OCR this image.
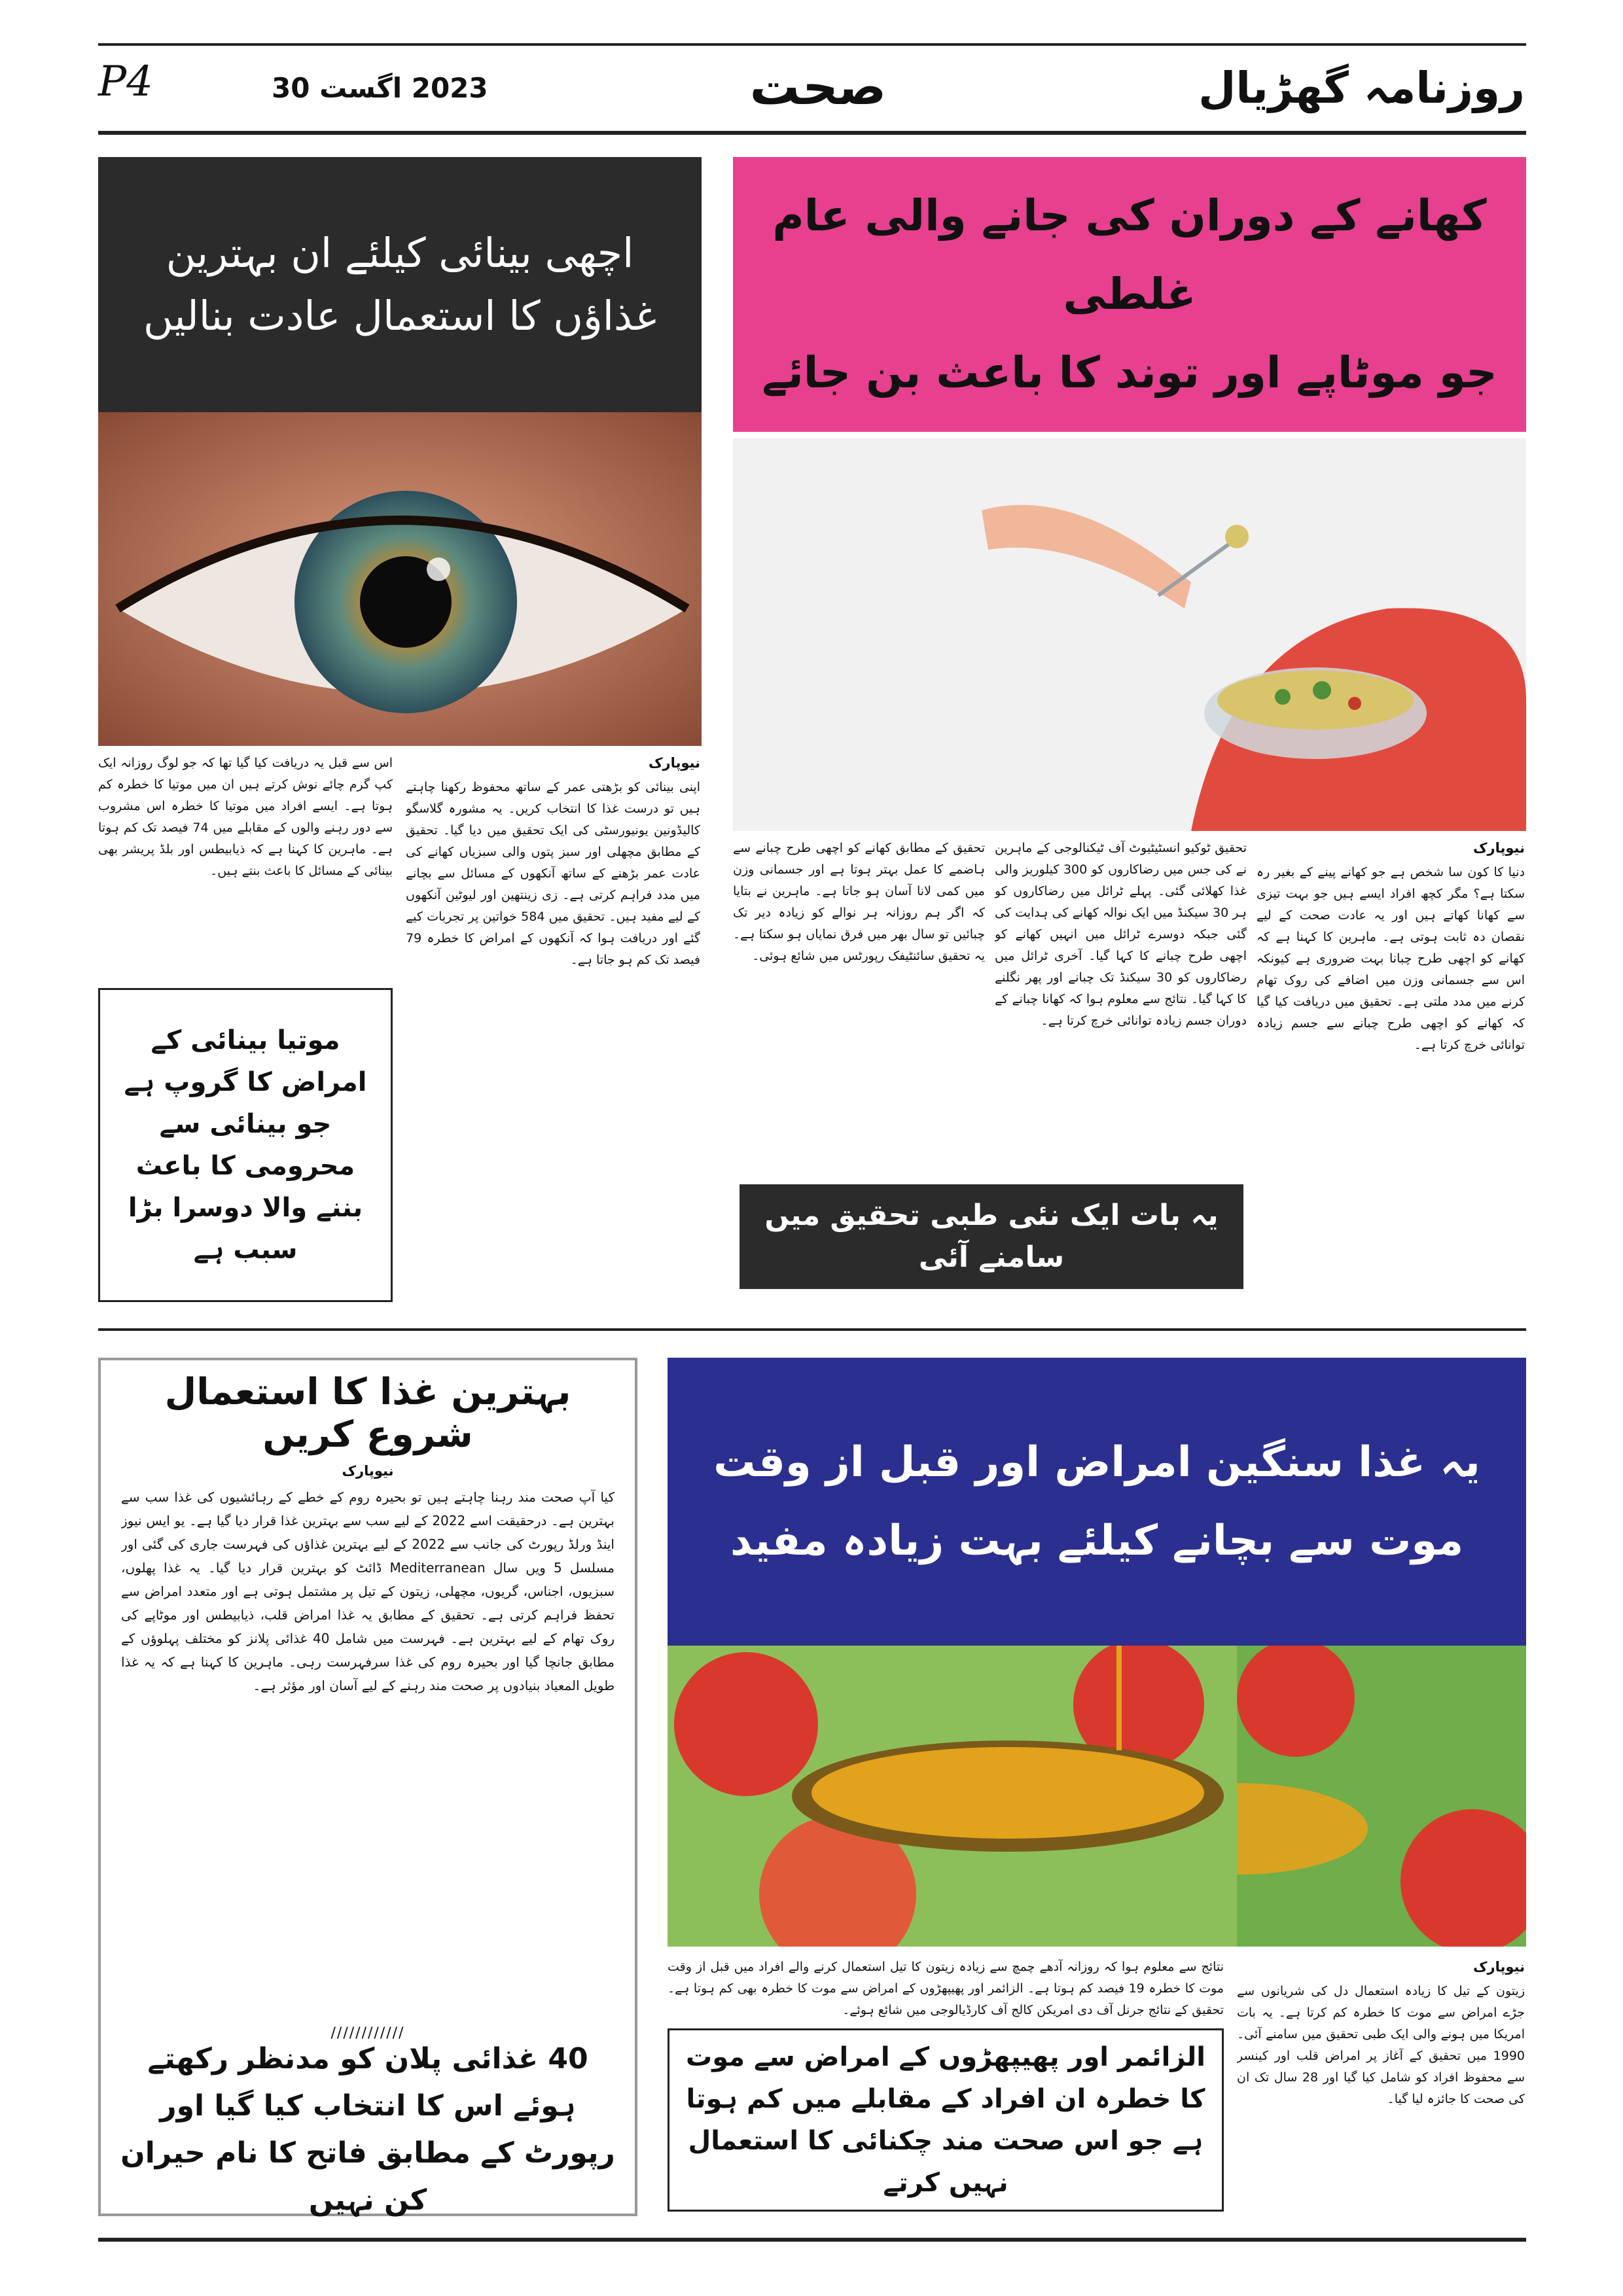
P4	2023 اگست 30	صحت	روزنامہ گھڑیال
اچھی بینائی کیلئے ان بہترین
غذاؤں کا استعمال عادت بنالیں
نیوپارک
اپنی بینائی کو بڑھتی عمر کے ساتھ محفوظ رکھنا چاہتے ہیں تو درست غذا کا انتخاب کریں۔ یہ مشورہ گلاسگو کالیڈونین یونیورسٹی کی ایک تحقیق میں دیا گیا۔ تحقیق کے مطابق مچھلی اور سبز پتوں والی سبزیاں کھانے کی عادت عمر بڑھنے کے ساتھ آنکھوں کے مسائل سے بچانے میں مدد فراہم کرتی ہے۔ زی زینتھین اور لیوٹین آنکھوں کے لیے مفید ہیں۔ تحقیق میں 584 خواتین پر تجربات کیے گئے اور دریافت ہوا کہ آنکھوں کے امراض کا خطرہ 79 فیصد تک کم ہو جاتا ہے۔
اس سے قبل یہ دریافت کیا گیا تھا کہ جو لوگ روزانہ ایک کپ گرم چائے نوش کرتے ہیں ان میں موتیا کا خطرہ کم ہوتا ہے۔ ایسے افراد میں موتیا کا خطرہ اس مشروب سے دور رہنے والوں کے مقابلے میں 74 فیصد تک کم ہوتا ہے۔ ماہرین کا کہنا ہے کہ ذیابیطس اور بلڈ پریشر بھی بینائی کے مسائل کا باعث بنتے ہیں۔
موتیا بینائی کے امراض کا گروپ ہے جو بینائی سے محرومی کا باعث بننے والا دوسرا بڑا سبب ہے
کھانے کے دوران کی جانے والی عام غلطی
جو موٹاپے اور توند کا باعث بن جائے
نیوپارک
دنیا کا کون سا شخص ہے جو کھانے پینے کے بغیر رہ سکتا ہے؟ مگر کچھ افراد ایسے ہیں جو بہت تیزی سے کھانا کھاتے ہیں اور یہ عادت صحت کے لیے نقصان دہ ثابت ہوتی ہے۔ ماہرین کا کہنا ہے کہ کھانے کو اچھی طرح چبانا بہت ضروری ہے کیونکہ اس سے جسمانی وزن میں اضافے کی روک تھام کرنے میں مدد ملتی ہے۔ تحقیق میں دریافت کیا گیا کہ کھانے کو اچھی طرح چبانے سے جسم زیادہ توانائی خرچ کرتا ہے۔
تحقیق ٹوکیو انسٹیٹیوٹ آف ٹیکنالوجی کے ماہرین نے کی جس میں رضاکاروں کو 300 کیلوریز والی غذا کھلائی گئی۔ پہلے ٹرائل میں رضاکاروں کو ہر 30 سیکنڈ میں ایک نوالہ کھانے کی ہدایت کی گئی جبکہ دوسرے ٹرائل میں انہیں کھانے کو اچھی طرح چبانے کا کہا گیا۔ آخری ٹرائل میں رضاکاروں کو 30 سیکنڈ تک چبانے اور پھر نگلنے کا کہا گیا۔ نتائج سے معلوم ہوا کہ کھانا چبانے کے دوران جسم زیادہ توانائی خرچ کرتا ہے۔
تحقیق کے مطابق کھانے کو اچھی طرح چبانے سے ہاضمے کا عمل بہتر ہوتا ہے اور جسمانی وزن میں کمی لانا آسان ہو جاتا ہے۔ ماہرین نے بتایا کہ اگر ہم روزانہ ہر نوالے کو زیادہ دیر تک چبائیں تو سال بھر میں فرق نمایاں ہو سکتا ہے۔ یہ تحقیق سائنٹیفک رپورٹس میں شائع ہوئی۔
یہ بات ایک نئی طبی تحقیق میں سامنے آئی
بہترین غذا کا استعمال شروع کریں
نیوپارک
کیا آپ صحت مند رہنا چاہتے ہیں تو بحیرہ روم کے خطے کے رہائشیوں کی غذا سب سے بہترین ہے۔ درحقیقت اسے 2022 کے لیے سب سے بہترین غذا قرار دیا گیا ہے۔ یو ایس نیوز اینڈ ورلڈ رپورٹ کی جانب سے 2022 کے لیے بہترین غذاؤں کی فہرست جاری کی گئی اور مسلسل 5 ویں سال Mediterranean ڈائٹ کو بہترین قرار دیا گیا۔ یہ غذا پھلوں، سبزیوں، اجناس، گریوں، مچھلی، زیتون کے تیل پر مشتمل ہوتی ہے اور متعدد امراض سے تحفظ فراہم کرتی ہے۔ تحقیق کے مطابق یہ غذا امراض قلب، ذیابیطس اور موٹاپے کی روک تھام کے لیے بہترین ہے۔ فہرست میں شامل 40 غذائی پلانز کو مختلف پہلوؤں کے مطابق جانچا گیا اور بحیرہ روم کی غذا سرفہرست رہی۔ ماہرین کا کہنا ہے کہ یہ غذا طویل المعیاد بنیادوں پر صحت مند رہنے کے لیے آسان اور مؤثر ہے۔
////////////
40 غذائی پلان کو مدنظر رکھتے ہوئے اس کا انتخاب کیا گیا اور رپورٹ کے مطابق فاتح کا نام حیران کن نہیں
یہ غذا سنگین امراض اور قبل از وقت
موت سے بچانے کیلئے بہت زیادہ مفید
نیوپارک
زیتون کے تیل کا زیادہ استعمال دل کی شریانوں سے جڑے امراض سے موت کا خطرہ کم کرتا ہے۔ یہ بات امریکا میں ہونے والی ایک طبی تحقیق میں سامنے آئی۔ 1990 میں تحقیق کے آغاز پر امراض قلب اور کینسر سے محفوظ افراد کو شامل کیا گیا اور 28 سال تک ان کی صحت کا جائزہ لیا گیا۔
نتائج سے معلوم ہوا کہ روزانہ آدھے چمچ سے زیادہ زیتون کا تیل استعمال کرنے والے افراد میں قبل از وقت موت کا خطرہ 19 فیصد کم ہوتا ہے۔ الزائمر اور پھیپھڑوں کے امراض سے موت کا خطرہ بھی کم ہوتا ہے۔ تحقیق کے نتائج جرنل آف دی امریکن کالج آف کارڈیالوجی میں شائع ہوئے۔
الزائمر اور پھیپھڑوں کے امراض سے موت کا خطرہ ان افراد کے مقابلے میں کم ہوتا ہے جو اس صحت مند چکنائی کا استعمال نہیں کرتے
